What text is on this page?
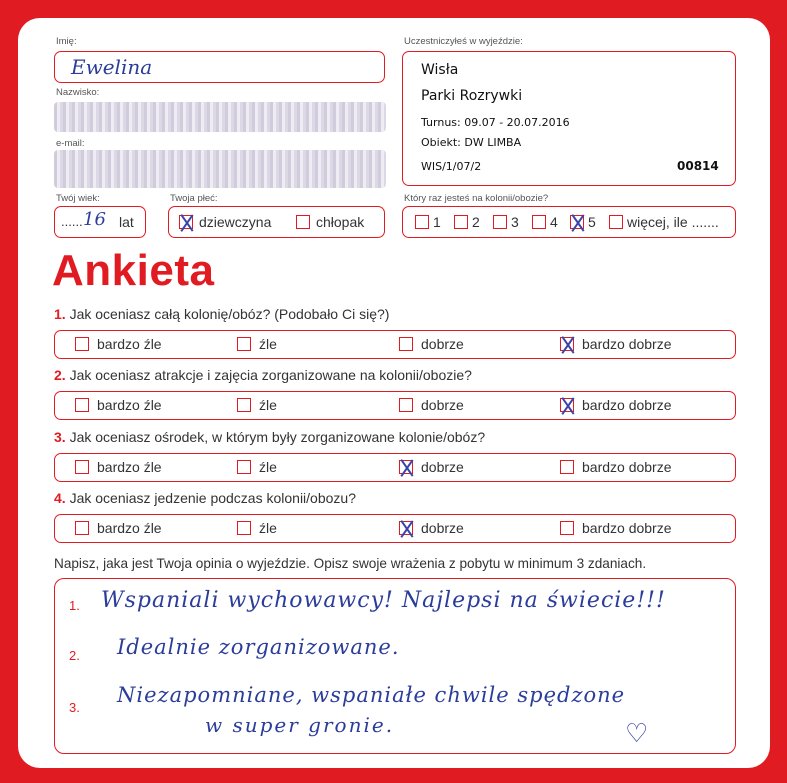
Imię:
Ewelina
Nazwisko:
e-mail:
Twój wiek:
...... 16 lat
Twoja płeć:
dziewczyna	chłopak
Uczestniczyłeś w wyjeździe:
Wisła
Parki Rozrywki
Turnus: 09.07 - 20.07.2016
Obiekt: DW LIMBA
WIS/1/07/2	00814
Który raz jesteś na kolonii/obozie?
1 2 3 4 5 więcej, ile .......
Ankieta
1. Jak oceniasz całą kolonię/obóz? (Podobało Ci się?)
bardzo źle	źle	dobrze	bardzo dobrze
2. Jak oceniasz atrakcje i zajęcia zorganizowane na kolonii/obozie?
bardzo źle	źle	dobrze	bardzo dobrze
3. Jak oceniasz ośrodek, w którym były zorganizowane kolonie/obóz?
bardzo źle	źle	dobrze	bardzo dobrze
4. Jak oceniasz jedzenie podczas kolonii/obozu?
bardzo źle	źle	dobrze	bardzo dobrze
Napisz, jaka jest Twoja opinia o wyjeździe. Opisz swoje wrażenia z pobytu w minimum 3 zdaniach.
1. Wspaniali wychowawcy! Najlepsi na świecie!!!
2. Idealnie zorganizowane.
3.
Niezapomniane, wspaniałe chwile spędzone
w super gronie.	♡
